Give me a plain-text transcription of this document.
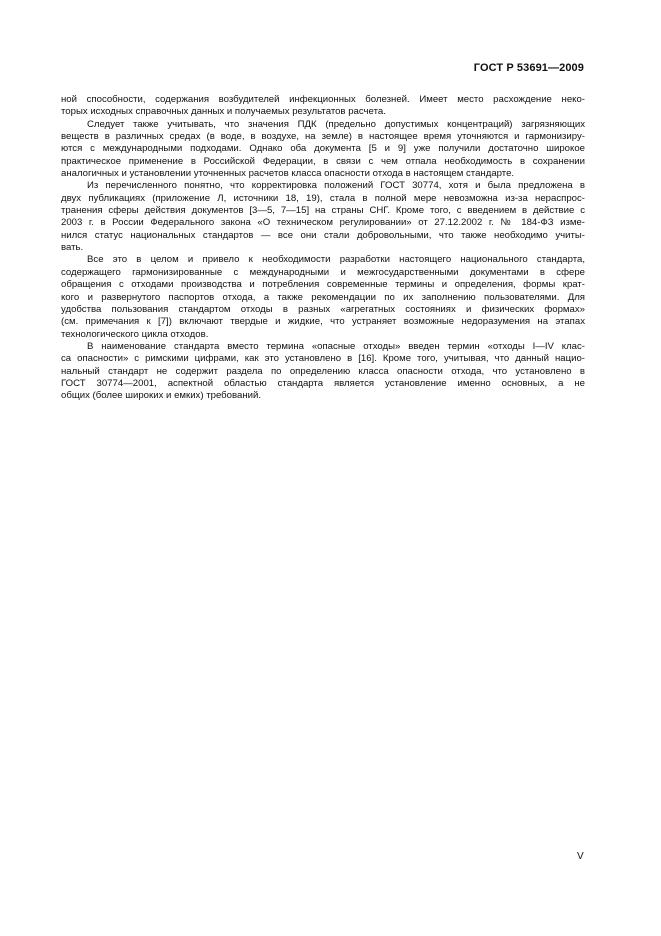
ГОСТ Р 53691—2009

ной способности, содержания возбудителей инфекционных болезней. Имеет место расхождение неко-
торых исходных справочных данных и получаемых результатов расчета.

Следует также учитывать, что значения ПДК (предельно допустимых концентраций) загрязняющих
веществ в различных средах (в воде, в воздухе, на земле) в настоящее время уточняются и гармонизиру-
ются с международными подходами. Однако оба документа [5 и 9] уже получили достаточно широкое
практическое применение в Российской Федерации, в связи с чем отпала необходимость в сохранении
аналогичных и установлении уточненных расчетов класса опасности отхода в настоящем стандарте.

Из перечисленного понятно, что корректировка положений ГОСТ 30774, хотя и была предложена в
двух публикациях (приложение Л, источники 18, 19), стала в полной мере невозможна из-за нераспрос-
транения сферы действия документов [3—5, 7—15] на страны СНГ. Кроме того, с введением в действие с
2003 г. в России Федерального закона «О техническом регулировании» от 27.12.2002 г. № 184-ФЗ изме-
нился статус национальных стандартов — все они стали добровольными, что также необходимо учиты-
вать.

Все это в целом и привело к необходимости разработки настоящего национального стандарта,
содержащего гармонизированные с международными и межгосударственными документами в сфере
обращения с отходами производства и потребления современные термины и определения, формы крат-
кого и развернутого паспортов отхода, а также рекомендации по их заполнению пользователями. Для
удобства пользования стандартом отходы в разных «агрегатных состояниях и физических формах»
(см. примечания к [7]) включают твердые и жидкие, что устраняет возможные недоразумения на этапах
технологического цикла отходов.

В наименование стандарта вместо термина «опасные отходы» введен термин «отходы I—IV клас-
са опасности» с римскими цифрами, как это установлено в [16]. Кроме того, учитывая, что данный нацио-
нальный стандарт не содержит раздела по определению класса опасности отхода, что установлено в
ГОСТ 30774—2001, аспектной областью стандарта является установление именно основных, а не
общих (более широких и емких) требований.

V
